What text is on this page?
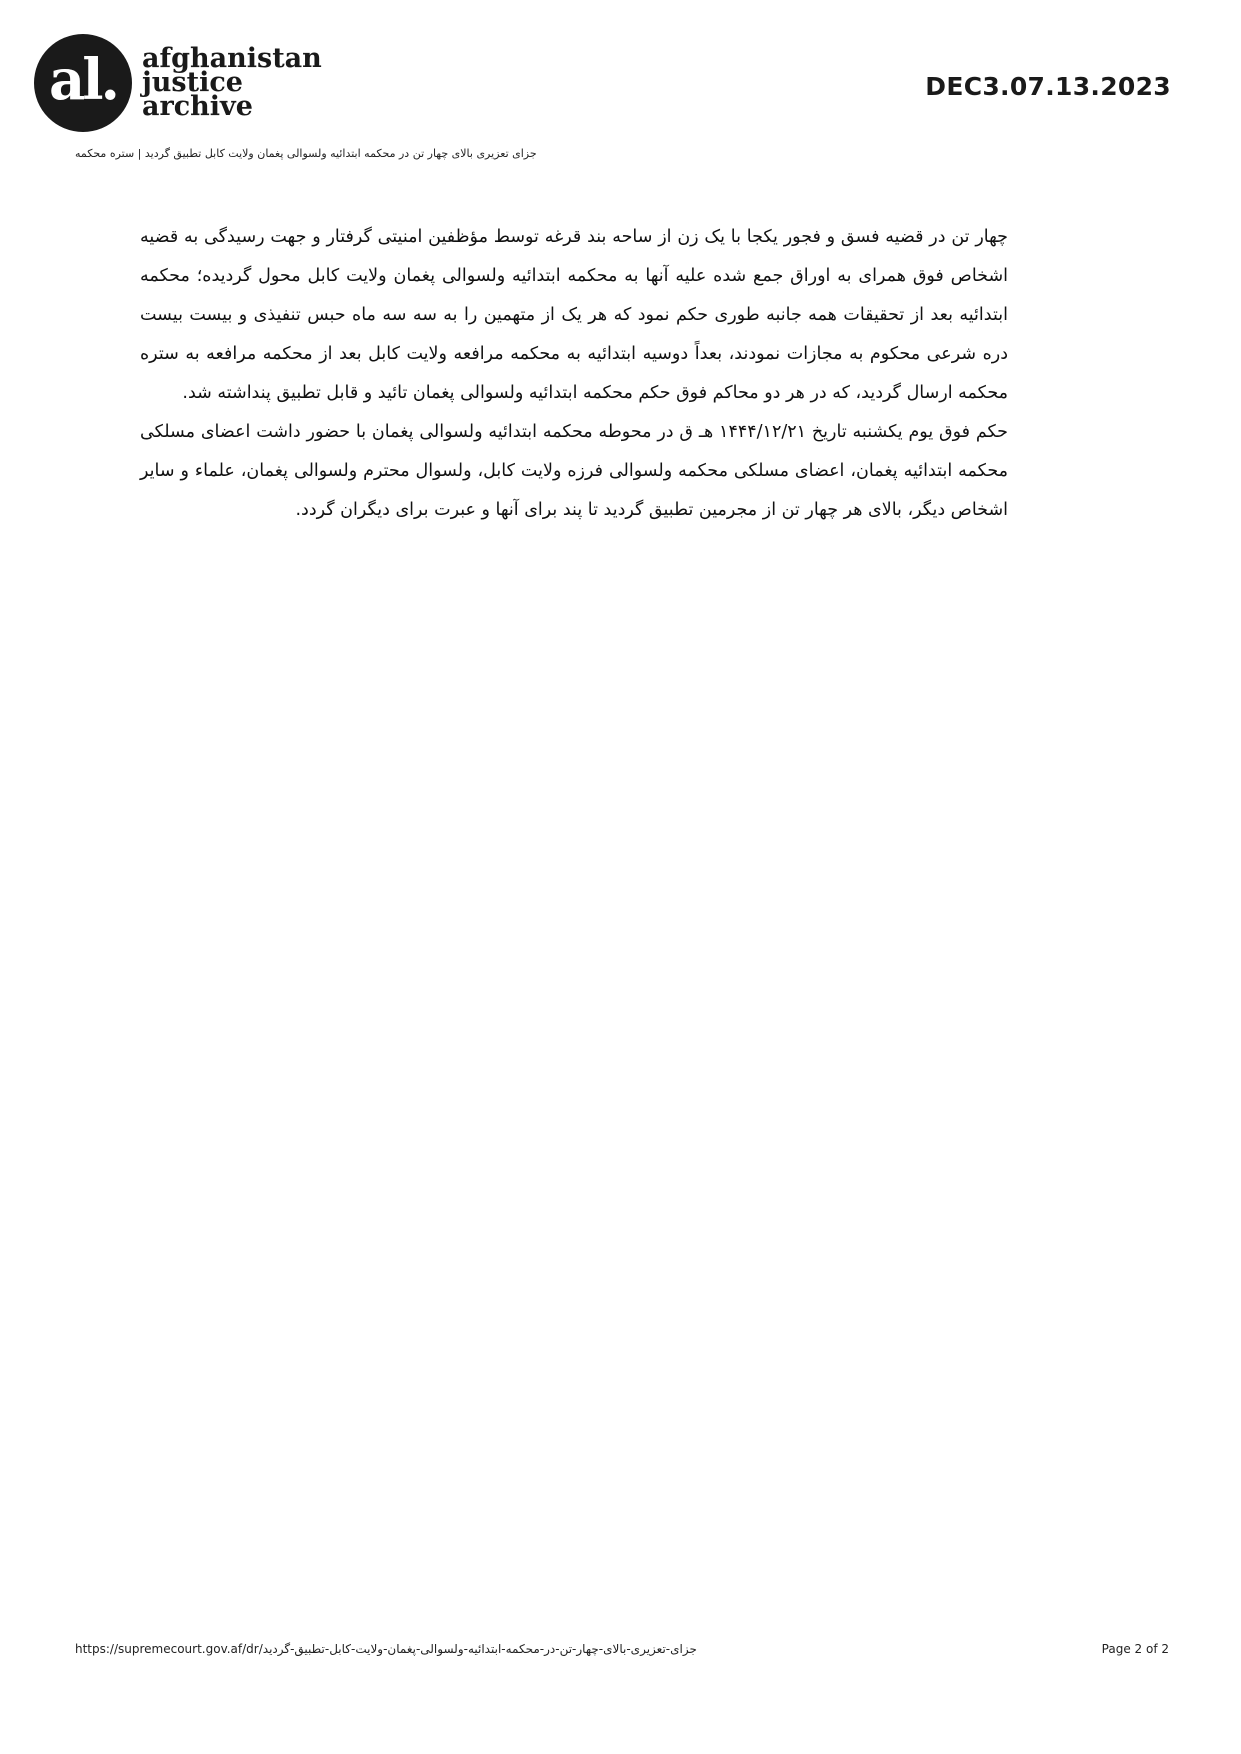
al. afghanistan
justice
archive
DEC3.07.13.2023
جزای تعزیری بالای چهار تن در محکمه ابتدائیه ولسوالی پغمان ولایت کابل تطبیق گردید | ستره محکمه

چهار تن در قضیه فسق و فجور یکجا با یک زن از ساحه بند قرغه توسط مؤظفین امنیتی گرفتار و جهت رسیدگی به قضیه اشخاص فوق همرای به اوراق جمع شده علیه آنها به محکمه ابتدائیه ولسوالی پغمان ولایت کابل محول گردیده؛ محکمه ابتدائیه بعد از تحقیقات همه جانبه طوری حکم نمود که هر یک از متهمین را به سه سه ماه حبس تنفیذی و بیست بیست دره شرعی محکوم به مجازات نمودند، بعداً دوسیه ابتدائیه به محکمه مرافعه ولایت کابل بعد از محکمه مرافعه به ستره محکمه ارسال گردید، که در هر دو محاکم فوق حکم محکمه ابتدائیه ولسوالی پغمان تائید و قابل تطبیق پنداشته شد.

حکم فوق یوم یکشنبه تاریخ ۱۴۴۴/۱۲/۲۱ هـ ق در محوطه محکمه ابتدائیه ولسوالی پغمان با حضور داشت اعضای مسلکی محکمه ابتدائیه پغمان، اعضای مسلکی محکمه ولسوالی فرزه ولایت کابل، ولسوال محترم ولسوالی پغمان، علماء و سایر اشخاص دیگر، بالای هر چهار تن از مجرمین تطبیق گردید تا پند برای آنها و عبرت برای دیگران گردد.

https://supremecourt.gov.af/dr/جزای-تعزیری-بالای-چهار-تن-در-محکمه-ابتدائیه-ولسوالی-پغمان-ولایت-کابل-تطبیق-گردید	Page 2 of 2
